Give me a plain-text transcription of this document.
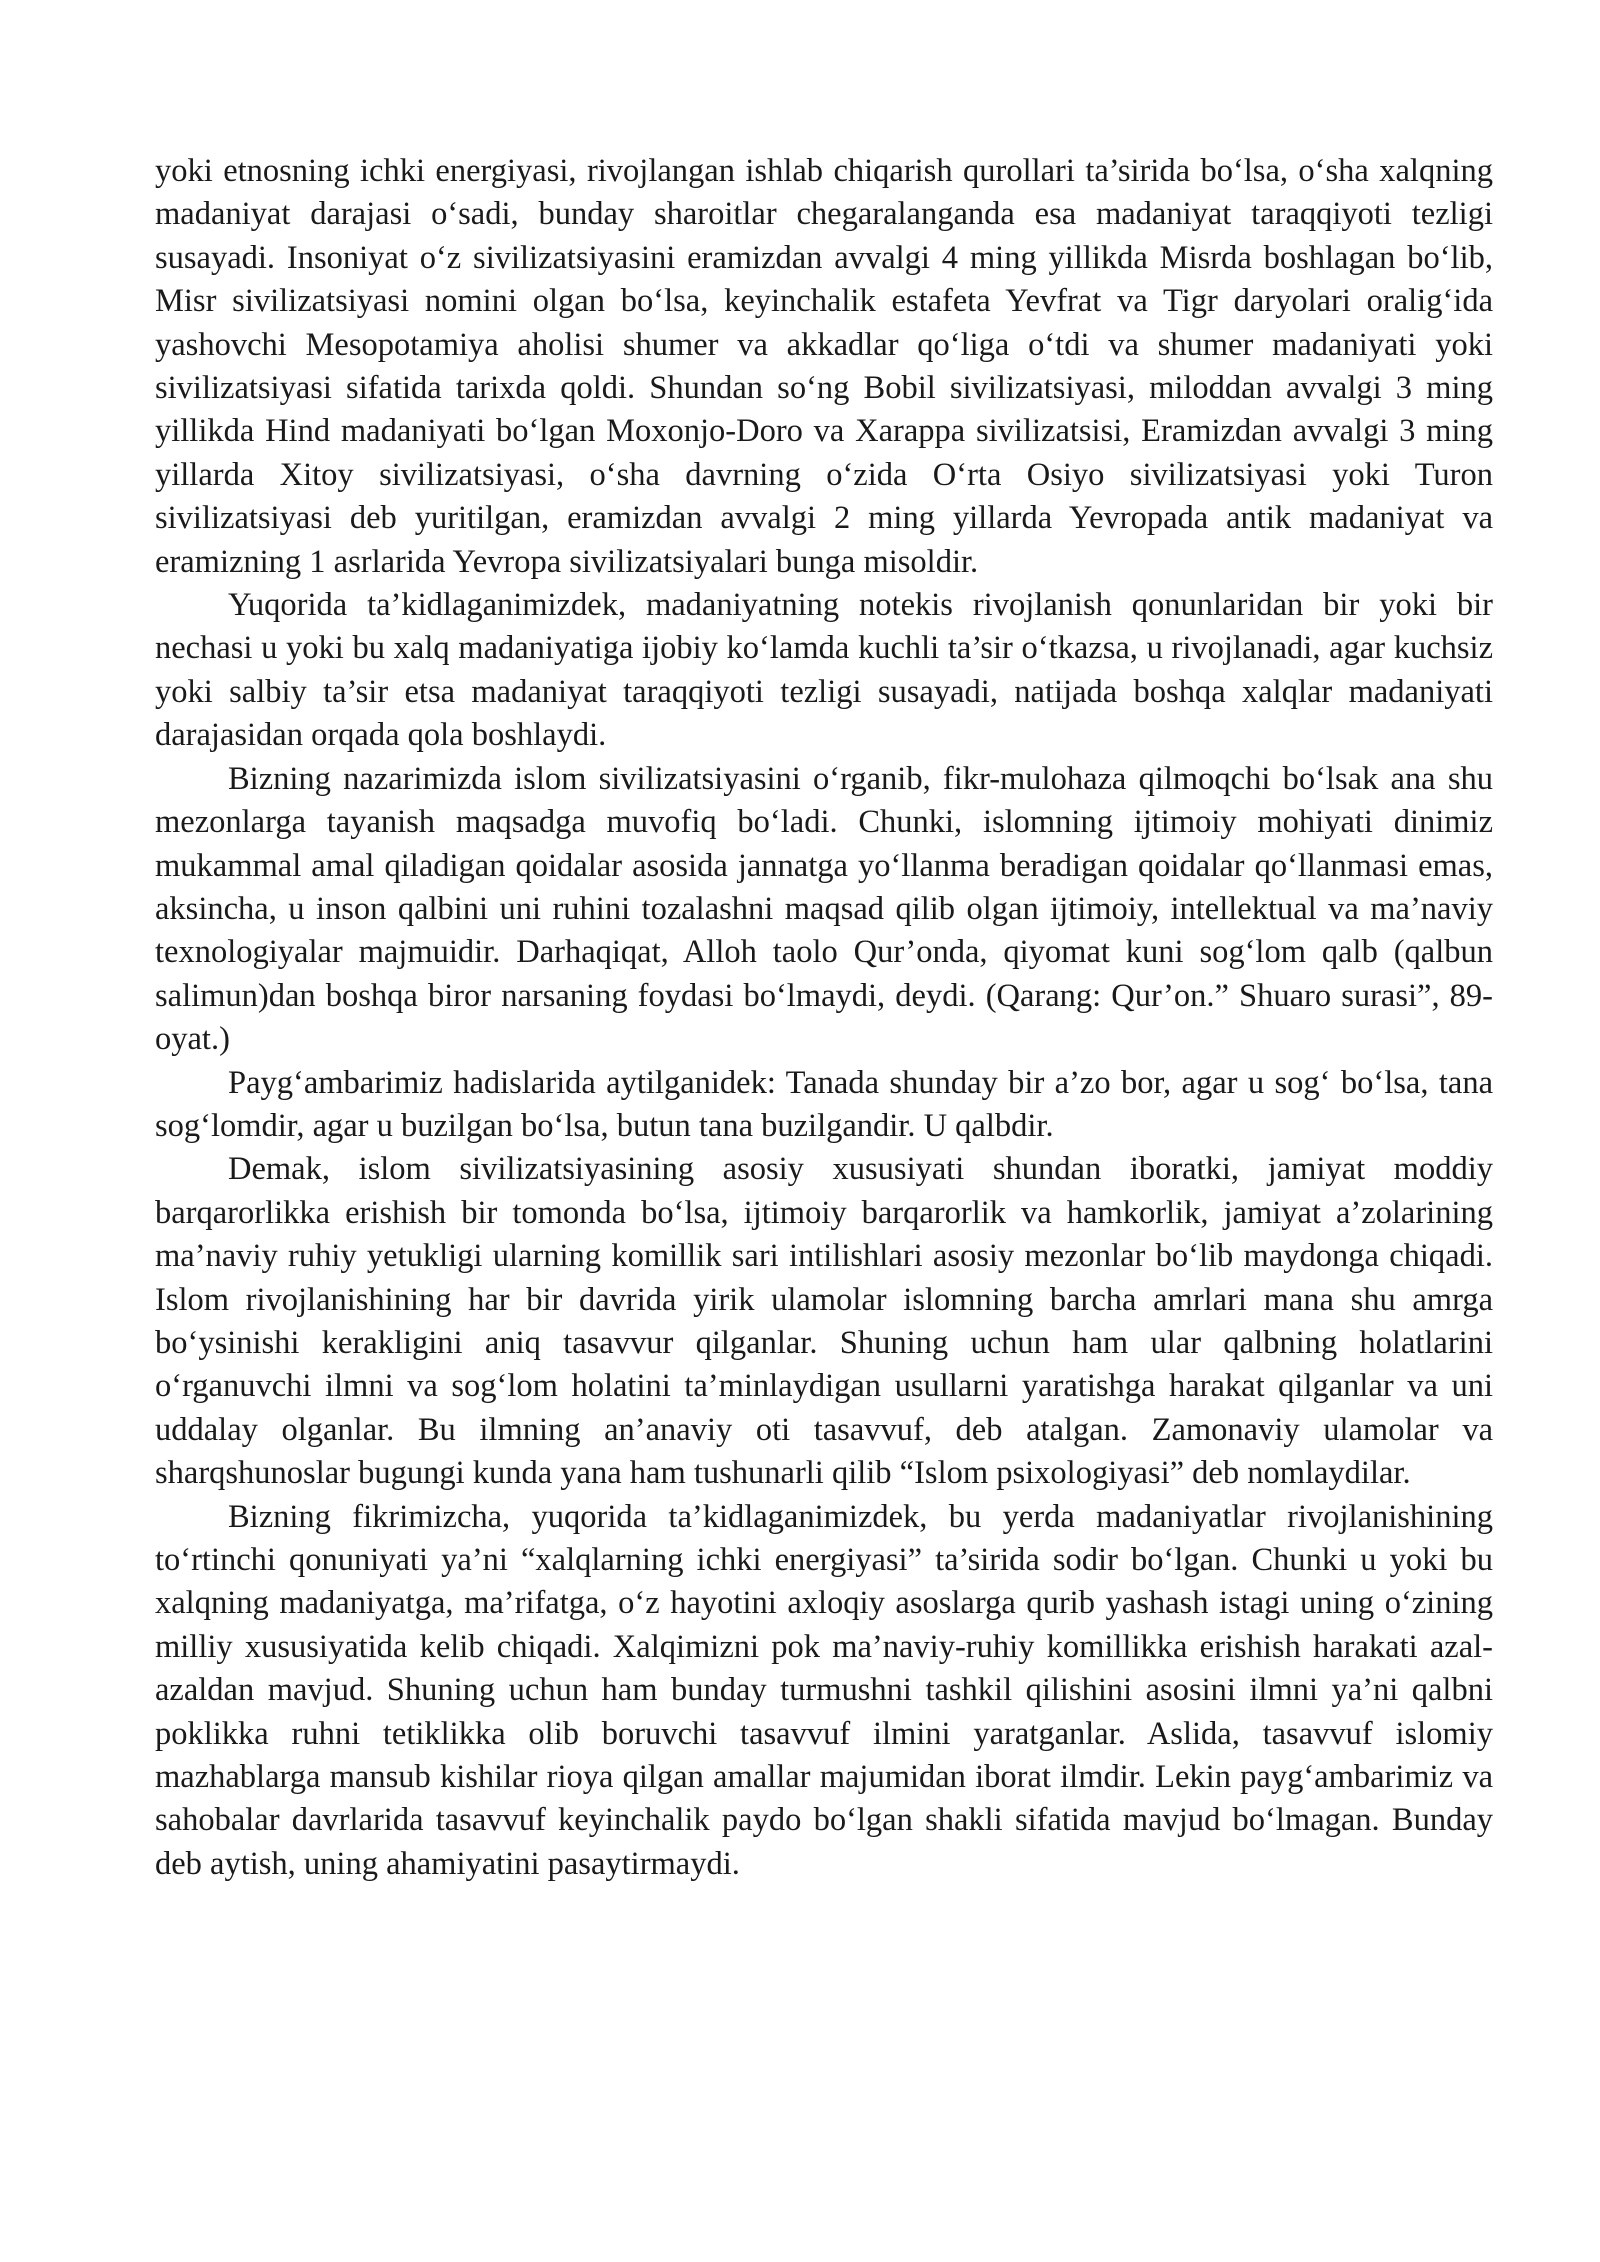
yoki etnosning ichki energiyasi, rivojlangan ishlab chiqarish qurollari ta’sirida bo‘lsa, o‘sha xalqning madaniyat darajasi o‘sadi, bunday sharoitlar chegaralanganda esa madaniyat taraqqiyoti tezligi susayadi. Insoniyat o‘z sivilizatsiyasini eramizdan avvalgi 4 ming yillikda Misrda boshlagan bo‘lib, Misr sivilizatsiyasi nomini olgan bo‘lsa, keyinchalik estafeta Yevfrat va Tigr daryolari oralig‘ida yashovchi Mesopotamiya aholisi shumer va akkadlar qo‘liga o‘tdi va shumer madaniyati yoki sivilizatsiyasi sifatida tarixda qoldi. Shundan so‘ng Bobil sivilizatsiyasi, miloddan avvalgi 3 ming yillikda Hind madaniyati bo‘lgan Moxonjo-Doro va Xarappa sivilizatsisi, Eramizdan avvalgi 3 ming yillarda Xitoy sivilizatsiyasi, o‘sha davrning o‘zida O‘rta Osiyo sivilizatsiyasi yoki Turon sivilizatsiyasi deb yuritilgan, eramizdan avvalgi 2 ming yillarda Yevropada antik madaniyat va eramizning 1 asrlarida Yevropa sivilizatsiyalari bunga misoldir.

Yuqorida ta’kidlaganimizdek, madaniyatning notekis rivojlanish qonunlaridan bir yoki bir nechasi u yoki bu xalq madaniyatiga ijobiy ko‘lamda kuchli ta’sir o‘tkazsa, u rivojlanadi, agar kuchsiz yoki salbiy ta’sir etsa madaniyat taraqqiyoti tezligi susayadi, natijada boshqa xalqlar madaniyati darajasidan orqada qola boshlaydi.

Bizning nazarimizda islom sivilizatsiyasini o‘rganib, fikr-mulohaza qilmoqchi bo‘lsak ana shu mezonlarga tayanish maqsadga muvofiq bo‘ladi. Chunki, islomning ijtimoiy mohiyati dinimiz mukammal amal qiladigan qoidalar asosida jannatga yo‘llanma beradigan qoidalar qo‘llanmasi emas, aksincha, u inson qalbini uni ruhini tozalashni maqsad qilib olgan ijtimoiy, intellektual va ma’naviy texnologiyalar majmuidir. Darhaqiqat, Alloh taolo Qur’onda, qiyomat kuni sog‘lom qalb (qalbun salimun)dan boshqa biror narsaning foydasi bo‘lmaydi, deydi. (Qarang: Qur’on.” Shuaro surasi”, 89-oyat.)

Payg‘ambarimiz hadislarida aytilganidek: Tanada shunday bir a’zo bor, agar u sog‘ bo‘lsa, tana sog‘lomdir, agar u buzilgan bo‘lsa, butun tana buzilgandir. U qalbdir.

Demak, islom sivilizatsiyasining asosiy xususiyati shundan iboratki, jamiyat moddiy barqarorlikka erishish bir tomonda bo‘lsa, ijtimoiy barqarorlik va hamkorlik, jamiyat a’zolarining ma’naviy ruhiy yetukligi ularning komillik sari intilishlari asosiy mezonlar bo‘lib maydonga chiqadi. Islom rivojlanishining har bir davrida yirik ulamolar islomning barcha amrlari mana shu amrga bo‘ysinishi kerakligini aniq tasavvur qilganlar. Shuning uchun ham ular qalbning holatlarini o‘rganuvchi ilmni va sog‘lom holatini ta’minlaydigan usullarni yaratishga harakat qilganlar va uni uddalay olganlar. Bu ilmning an’anaviy oti tasavvuf, deb atalgan. Zamonaviy ulamolar va sharqshunoslar bugungi kunda yana ham tushunarli qilib “Islom psixologiyasi” deb nomlaydilar.

Bizning fikrimizcha, yuqorida ta’kidlaganimizdek, bu yerda madaniyatlar rivojlanishining to‘rtinchi qonuniyati ya’ni “xalqlarning ichki energiyasi” ta’sirida sodir bo‘lgan. Chunki u yoki bu xalqning madaniyatga, ma’rifatga, o‘z hayotini axloqiy asoslarga qurib yashash istagi uning o‘zining milliy xususiyatida kelib chiqadi. Xalqimizni pok ma’naviy-ruhiy komillikka erishish harakati azal-azaldan mavjud. Shuning uchun ham bunday turmushni tashkil qilishini asosini ilmni ya’ni qalbni poklikka ruhni tetiklikka olib boruvchi tasavvuf ilmini yaratganlar. Aslida, tasavvuf islomiy mazhablarga mansub kishilar rioya qilgan amallar majumidan iborat ilmdir. Lekin payg‘ambarimiz va sahobalar davrlarida tasavvuf keyinchalik paydo bo‘lgan shakli sifatida mavjud bo‘lmagan. Bunday deb aytish, uning ahamiyatini pasaytirmaydi.
